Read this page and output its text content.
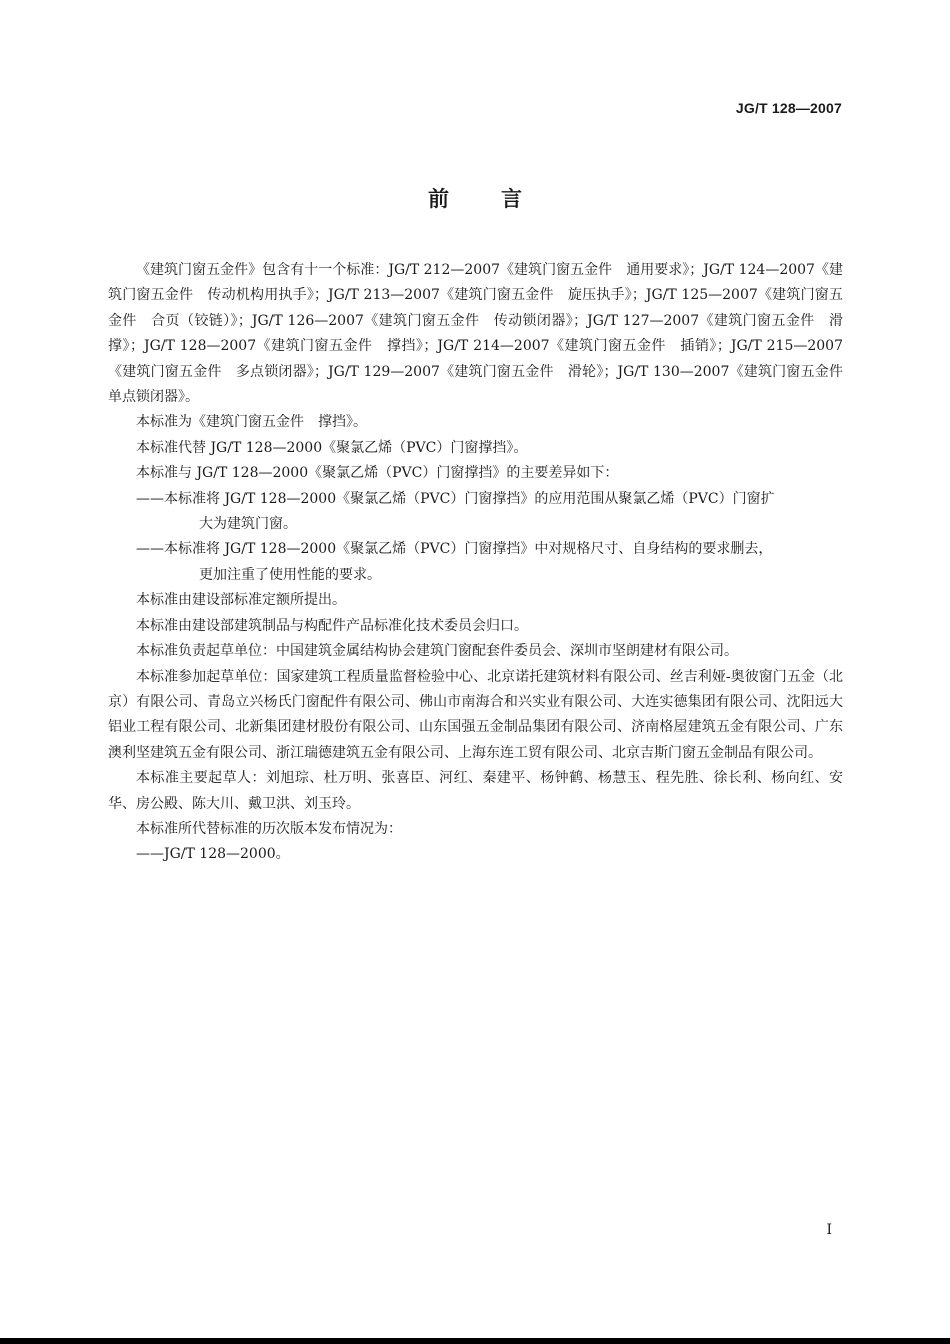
JG/T 128—2007
前 言

《建筑门窗五金件》包含有十一个标准：JG/T 212—2007《建筑门窗五金件　通用要求》；JG/T 124—2007《建筑门窗五金件　传动机构用执手》；JG/T 213—2007《建筑门窗五金件　旋压执手》；JG/T 125—2007《建筑门窗五金件　合页（铰链）》；JG/T 126—2007《建筑门窗五金件　传动锁闭器》；JG/T 127—2007《建筑门窗五金件　滑撑》；JG/T 128—2007《建筑门窗五金件　撑挡》；JG/T 214—2007《建筑门窗五金件　插销》；JG/T 215—2007《建筑门窗五金件　多点锁闭器》；JG/T 129—2007《建筑门窗五金件　滑轮》；JG/T 130—2007《建筑门窗五金件　单点锁闭器》。

本标准为《建筑门窗五金件　撑挡》。

本标准代替 JG/T 128—2000《聚氯乙烯（PVC）门窗撑挡》。

本标准与 JG/T 128—2000《聚氯乙烯（PVC）门窗撑挡》的主要差异如下：

——本标准将 JG/T 128—2000《聚氯乙烯（PVC）门窗撑挡》的应用范围从聚氯乙烯（PVC）门窗扩
大为建筑门窗。

——本标准将 JG/T 128—2000《聚氯乙烯（PVC）门窗撑挡》中对规格尺寸、自身结构的要求删去，
更加注重了使用性能的要求。

本标准由建设部标准定额所提出。

本标准由建设部建筑制品与构配件产品标准化技术委员会归口。

本标准负责起草单位：中国建筑金属结构协会建筑门窗配套件委员会、深圳市坚朗建材有限公司。

本标准参加起草单位：国家建筑工程质量监督检验中心、北京诺托建筑材料有限公司、丝吉利娅-奥彼窗门五金（北京）有限公司、青岛立兴杨氏门窗配件有限公司、佛山市南海合和兴实业有限公司、大连实德集团有限公司、沈阳远大铝业工程有限公司、北新集团建材股份有限公司、山东国强五金制品集团有限公司、济南格屋建筑五金有限公司、广东澳利坚建筑五金有限公司、浙江瑞德建筑五金有限公司、上海东连工贸有限公司、北京吉斯门窗五金制品有限公司。

本标准主要起草人：刘旭琮、杜万明、张喜臣、河红、秦建平、杨钟鹤、杨慧玉、程先胜、徐长利、杨向红、安华、房公殿、陈大川、戴卫洪、刘玉玲。

本标准所代替标准的历次版本发布情况为：

——JG/T 128—2000。

I
